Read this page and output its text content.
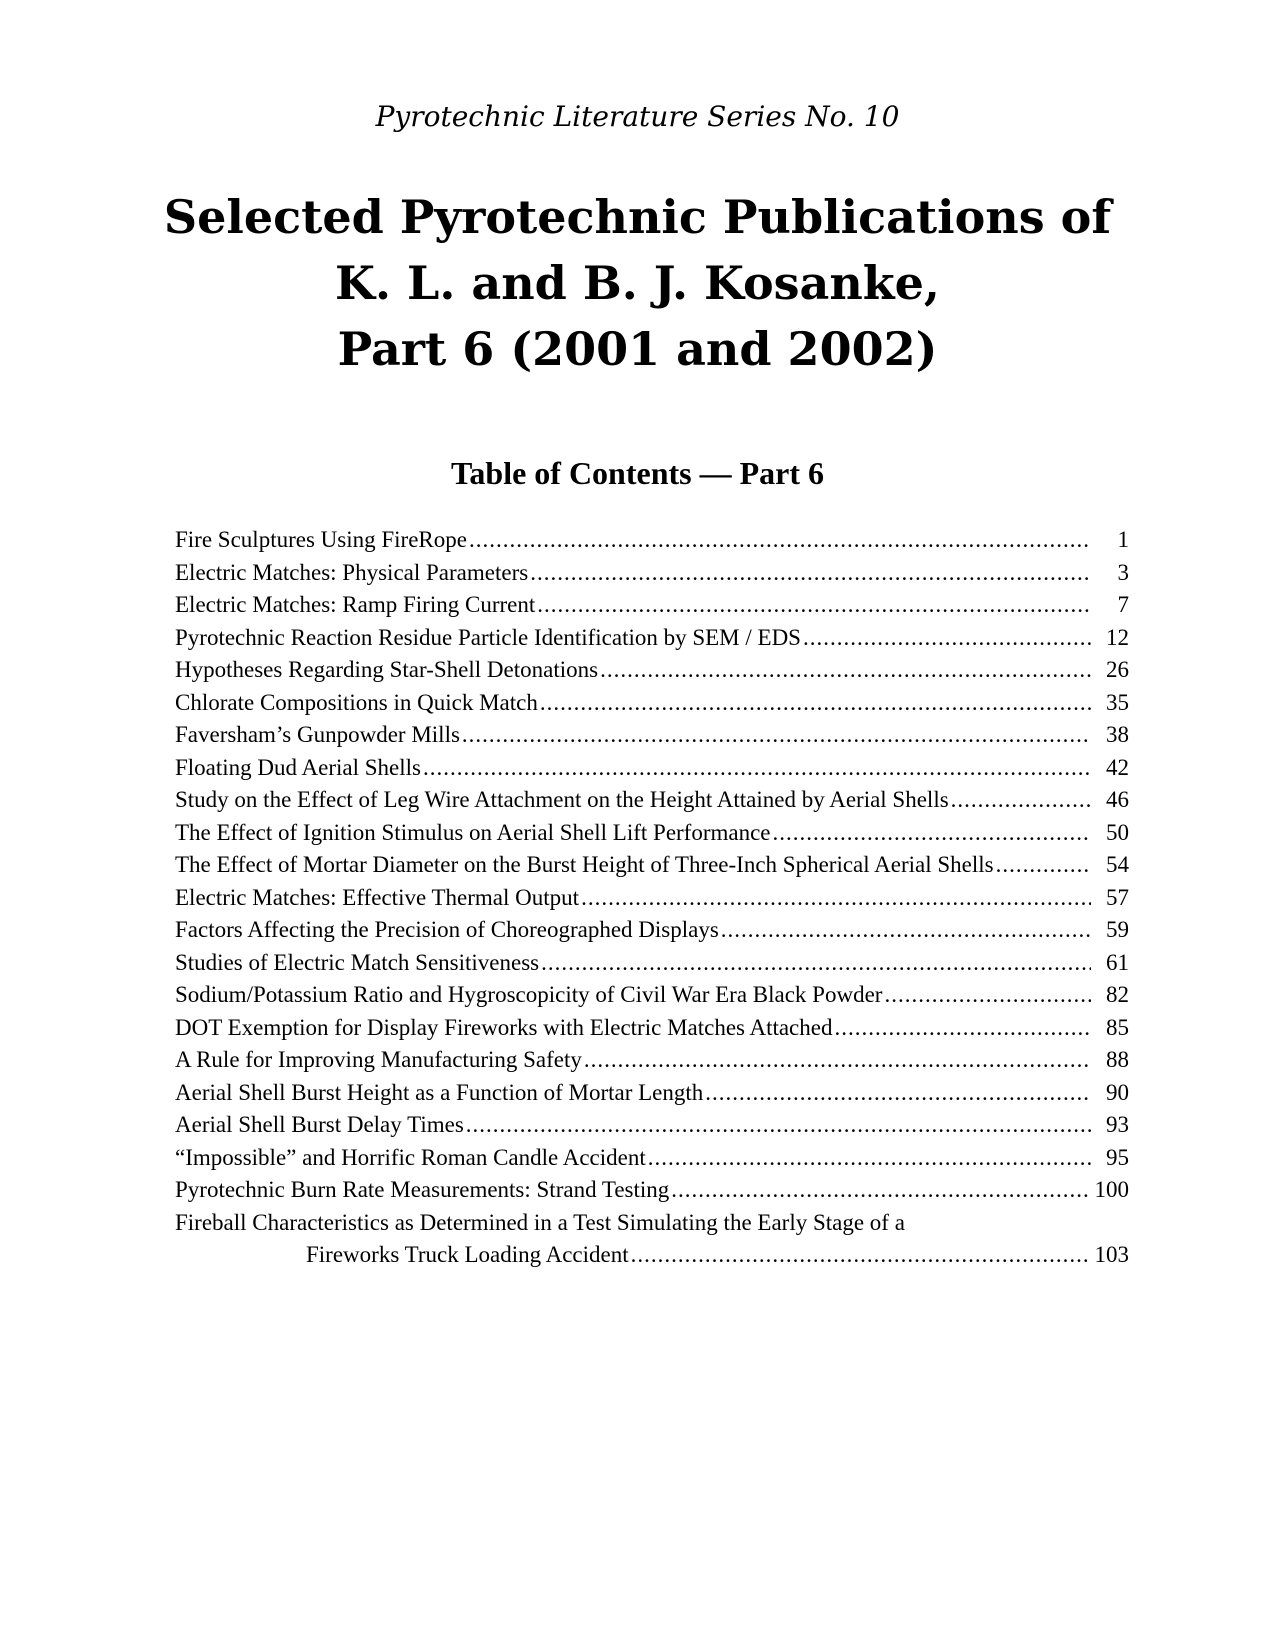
Pyrotechnic Literature Series No. 10
Selected Pyrotechnic Publications of
K. L. and B. J. Kosanke,
Part 6 (2001 and 2002)
Table of Contents — Part 6
Fire Sculptures Using FireRope .....	1
Electric Matches: Physical Parameters .....	3
Electric Matches: Ramp Firing Current .....	7
Pyrotechnic Reaction Residue Particle Identification by SEM / EDS .....	12
Hypotheses Regarding Star-Shell Detonations .....	26
Chlorate Compositions in Quick Match .....	35
Faversham’s Gunpowder Mills .....	38
Floating Dud Aerial Shells .....	42
Study on the Effect of Leg Wire Attachment on the Height Attained by Aerial Shells .....	46
The Effect of Ignition Stimulus on Aerial Shell Lift Performance .....	50
The Effect of Mortar Diameter on the Burst Height of Three-Inch Spherical Aerial Shells .....	54
Electric Matches: Effective Thermal Output .....	57
Factors Affecting the Precision of Choreographed Displays .....	59
Studies of Electric Match Sensitiveness .....	61
Sodium/Potassium Ratio and Hygroscopicity of Civil War Era Black Powder .....	82
DOT Exemption for Display Fireworks with Electric Matches Attached .....	85
A Rule for Improving Manufacturing Safety .....	88
Aerial Shell Burst Height as a Function of Mortar Length .....	90
Aerial Shell Burst Delay Times .....	93
“Impossible” and Horrific Roman Candle Accident .....	95
Pyrotechnic Burn Rate Measurements: Strand Testing .....	100
Fireball Characteristics as Determined in a Test Simulating the Early Stage of a
Fireworks Truck Loading Accident .....	103
